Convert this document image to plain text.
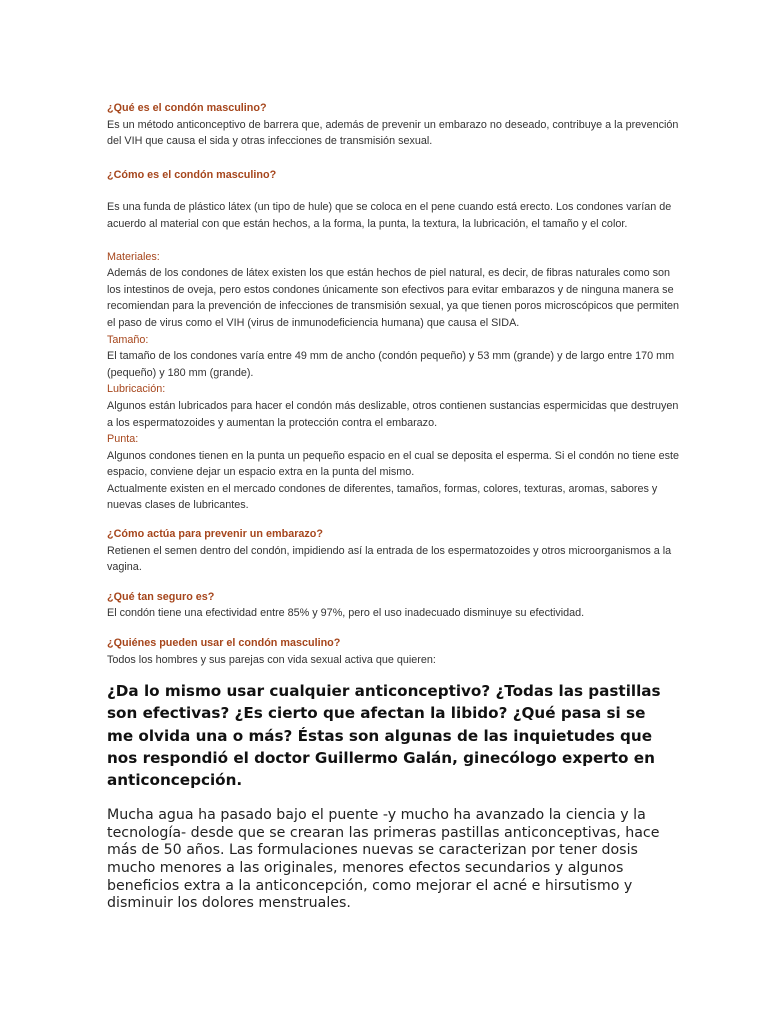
¿Qué es el condón masculino?

Es un método anticonceptivo de barrera que, además de prevenir un embarazo no deseado, contribuye a la prevención del VIH que causa el sida y otras infecciones de transmisión sexual.

¿Cómo es el condón masculino?

Es una funda de plástico látex (un tipo de hule) que se coloca en el pene cuando está erecto. Los condones varían de acuerdo al material con que están hechos, a la forma, la punta, la textura, la lubricación, el tamaño y el color.

Materiales:

Además de los condones de látex existen los que están hechos de piel natural, es decir, de fibras naturales como son los intestinos de oveja, pero estos condones únicamente son efectivos para evitar embarazos y de ninguna manera se recomiendan para la prevención de infecciones de transmisión sexual, ya que tienen poros microscópicos que permiten el paso de virus como el VIH (virus de inmunodeficiencia humana) que causa el SIDA.

Tamaño:

El tamaño de los condones varía entre 49 mm de ancho (condón pequeño) y 53 mm (grande) y de largo entre 170 mm (pequeño) y 180 mm (grande).

Lubricación:

Algunos están lubricados para hacer el condón más deslizable, otros contienen sustancias espermicidas que destruyen a los espermatozoides y aumentan la protección contra el embarazo.

Punta:

Algunos condones tienen en la punta un pequeño espacio en el cual se deposita el esperma. Si el condón no tiene este espacio, conviene dejar un espacio extra en la punta del mismo.

Actualmente existen en el mercado condones de diferentes, tamaños, formas, colores, texturas, aromas, sabores y nuevas clases de lubricantes.

¿Cómo actúa para prevenir un embarazo?

Retienen el semen dentro del condón, impidiendo así la entrada de los espermatozoides y otros microorganismos a la vagina.

¿Qué tan seguro es?

El condón tiene una efectividad entre 85% y 97%, pero el uso inadecuado disminuye su efectividad.

¿Quiénes pueden usar el condón masculino?

Todos los hombres y sus parejas con vida sexual activa que quieren:

¿Da lo mismo usar cualquier anticonceptivo? ¿Todas las pastillas son efectivas? ¿Es cierto que afectan la libido? ¿Qué pasa si se me olvida una o más? Éstas son algunas de las inquietudes que nos respondió el doctor Guillermo Galán, ginecólogo experto en anticoncepción.

Mucha agua ha pasado bajo el puente -y mucho ha avanzado la ciencia y la tecnología- desde que se crearan las primeras pastillas anticonceptivas, hace más de 50 años. Las formulaciones nuevas se caracterizan por tener dosis mucho menores a las originales, menores efectos secundarios y algunos beneficios extra a la anticoncepción, como mejorar el acné e hirsutismo y disminuir los dolores menstruales.
